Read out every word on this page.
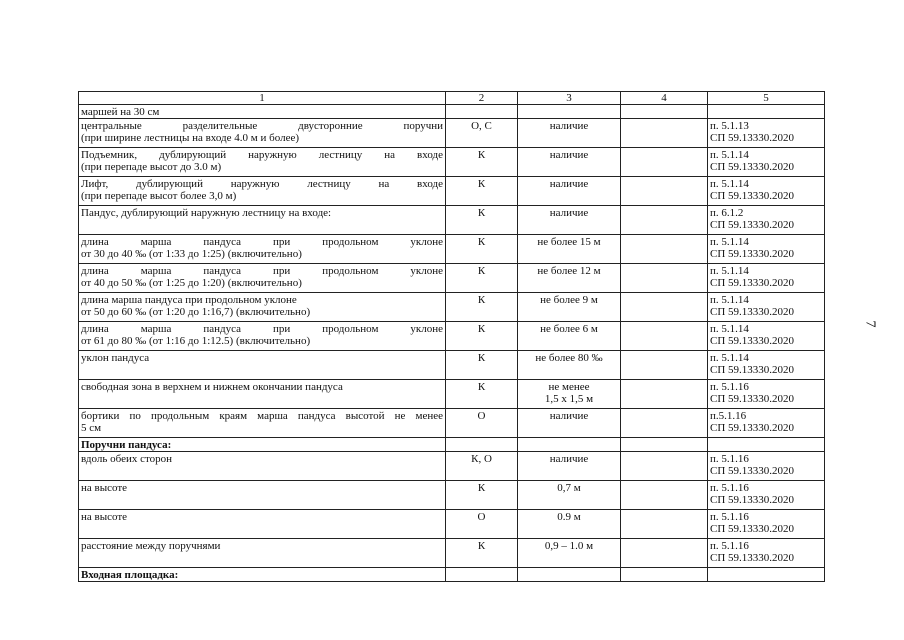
1	2	3	4	5

маршей на 30 см				

центральные разделительные двусторонние поручни
(при ширине лестницы на входе 4.0 м и более)	О, С	наличие		п. 5.1.13
СП 59.13330.2020

Подъемник, дублирующий наружную лестницу на входе
(при перепаде высот до 3.0 м)	К	наличие		п. 5.1.14
СП 59.13330.2020

Лифт, дублирующий наружную лестницу на входе
(при перепаде высот более 3,0 м)	К	наличие		п. 5.1.14
СП 59.13330.2020

Пандус, дублирующий наружную лестницу на входе:	К	наличие		п. 6.1.2
СП 59.13330.2020

длина марша пандуса при продольном уклоне
от 30 до 40 ‰ (от 1:33 до 1:25) (включительно)	К	не более 15 м		п. 5.1.14
СП 59.13330.2020

длина марша пандуса при продольном уклоне
от 40 до 50 ‰ (от 1:25 до 1:20) (включительно)	К	не более 12 м		п. 5.1.14
СП 59.13330.2020

длина марша пандуса при продольном уклоне
от 50 до 60 ‰ (от 1:20 до 1:16,7) (включительно)	К	не более 9 м		п. 5.1.14
СП 59.13330.2020

длина марша пандуса при продольном уклоне
от 61 до 80 ‰ (от 1:16 до 1:12.5) (включительно)	К	не более 6 м		п. 5.1.14
СП 59.13330.2020

уклон пандуса	К	не более 80 ‰		п. 5.1.14
СП 59.13330.2020

свободная зона в верхнем и нижнем окончании пандуса	К	не менее
1,5 х 1,5 м		п. 5.1.16
СП 59.13330.2020

бортики по продольным краям марша пандуса высотой не менее
5 см	О	наличие		п.5.1.16
СП 59.13330.2020

Поручни пандуса:				

вдоль обеих сторон	К, О	наличие		п. 5.1.16
СП 59.13330.2020

на высоте	К	0,7 м		п. 5.1.16
СП 59.13330.2020

на высоте	О	0.9 м		п. 5.1.16
СП 59.13330.2020

расстояние между поручнями	К	0,9 – 1.0 м		п. 5.1.16
СП 59.13330.2020

Входная площадка:				

7
